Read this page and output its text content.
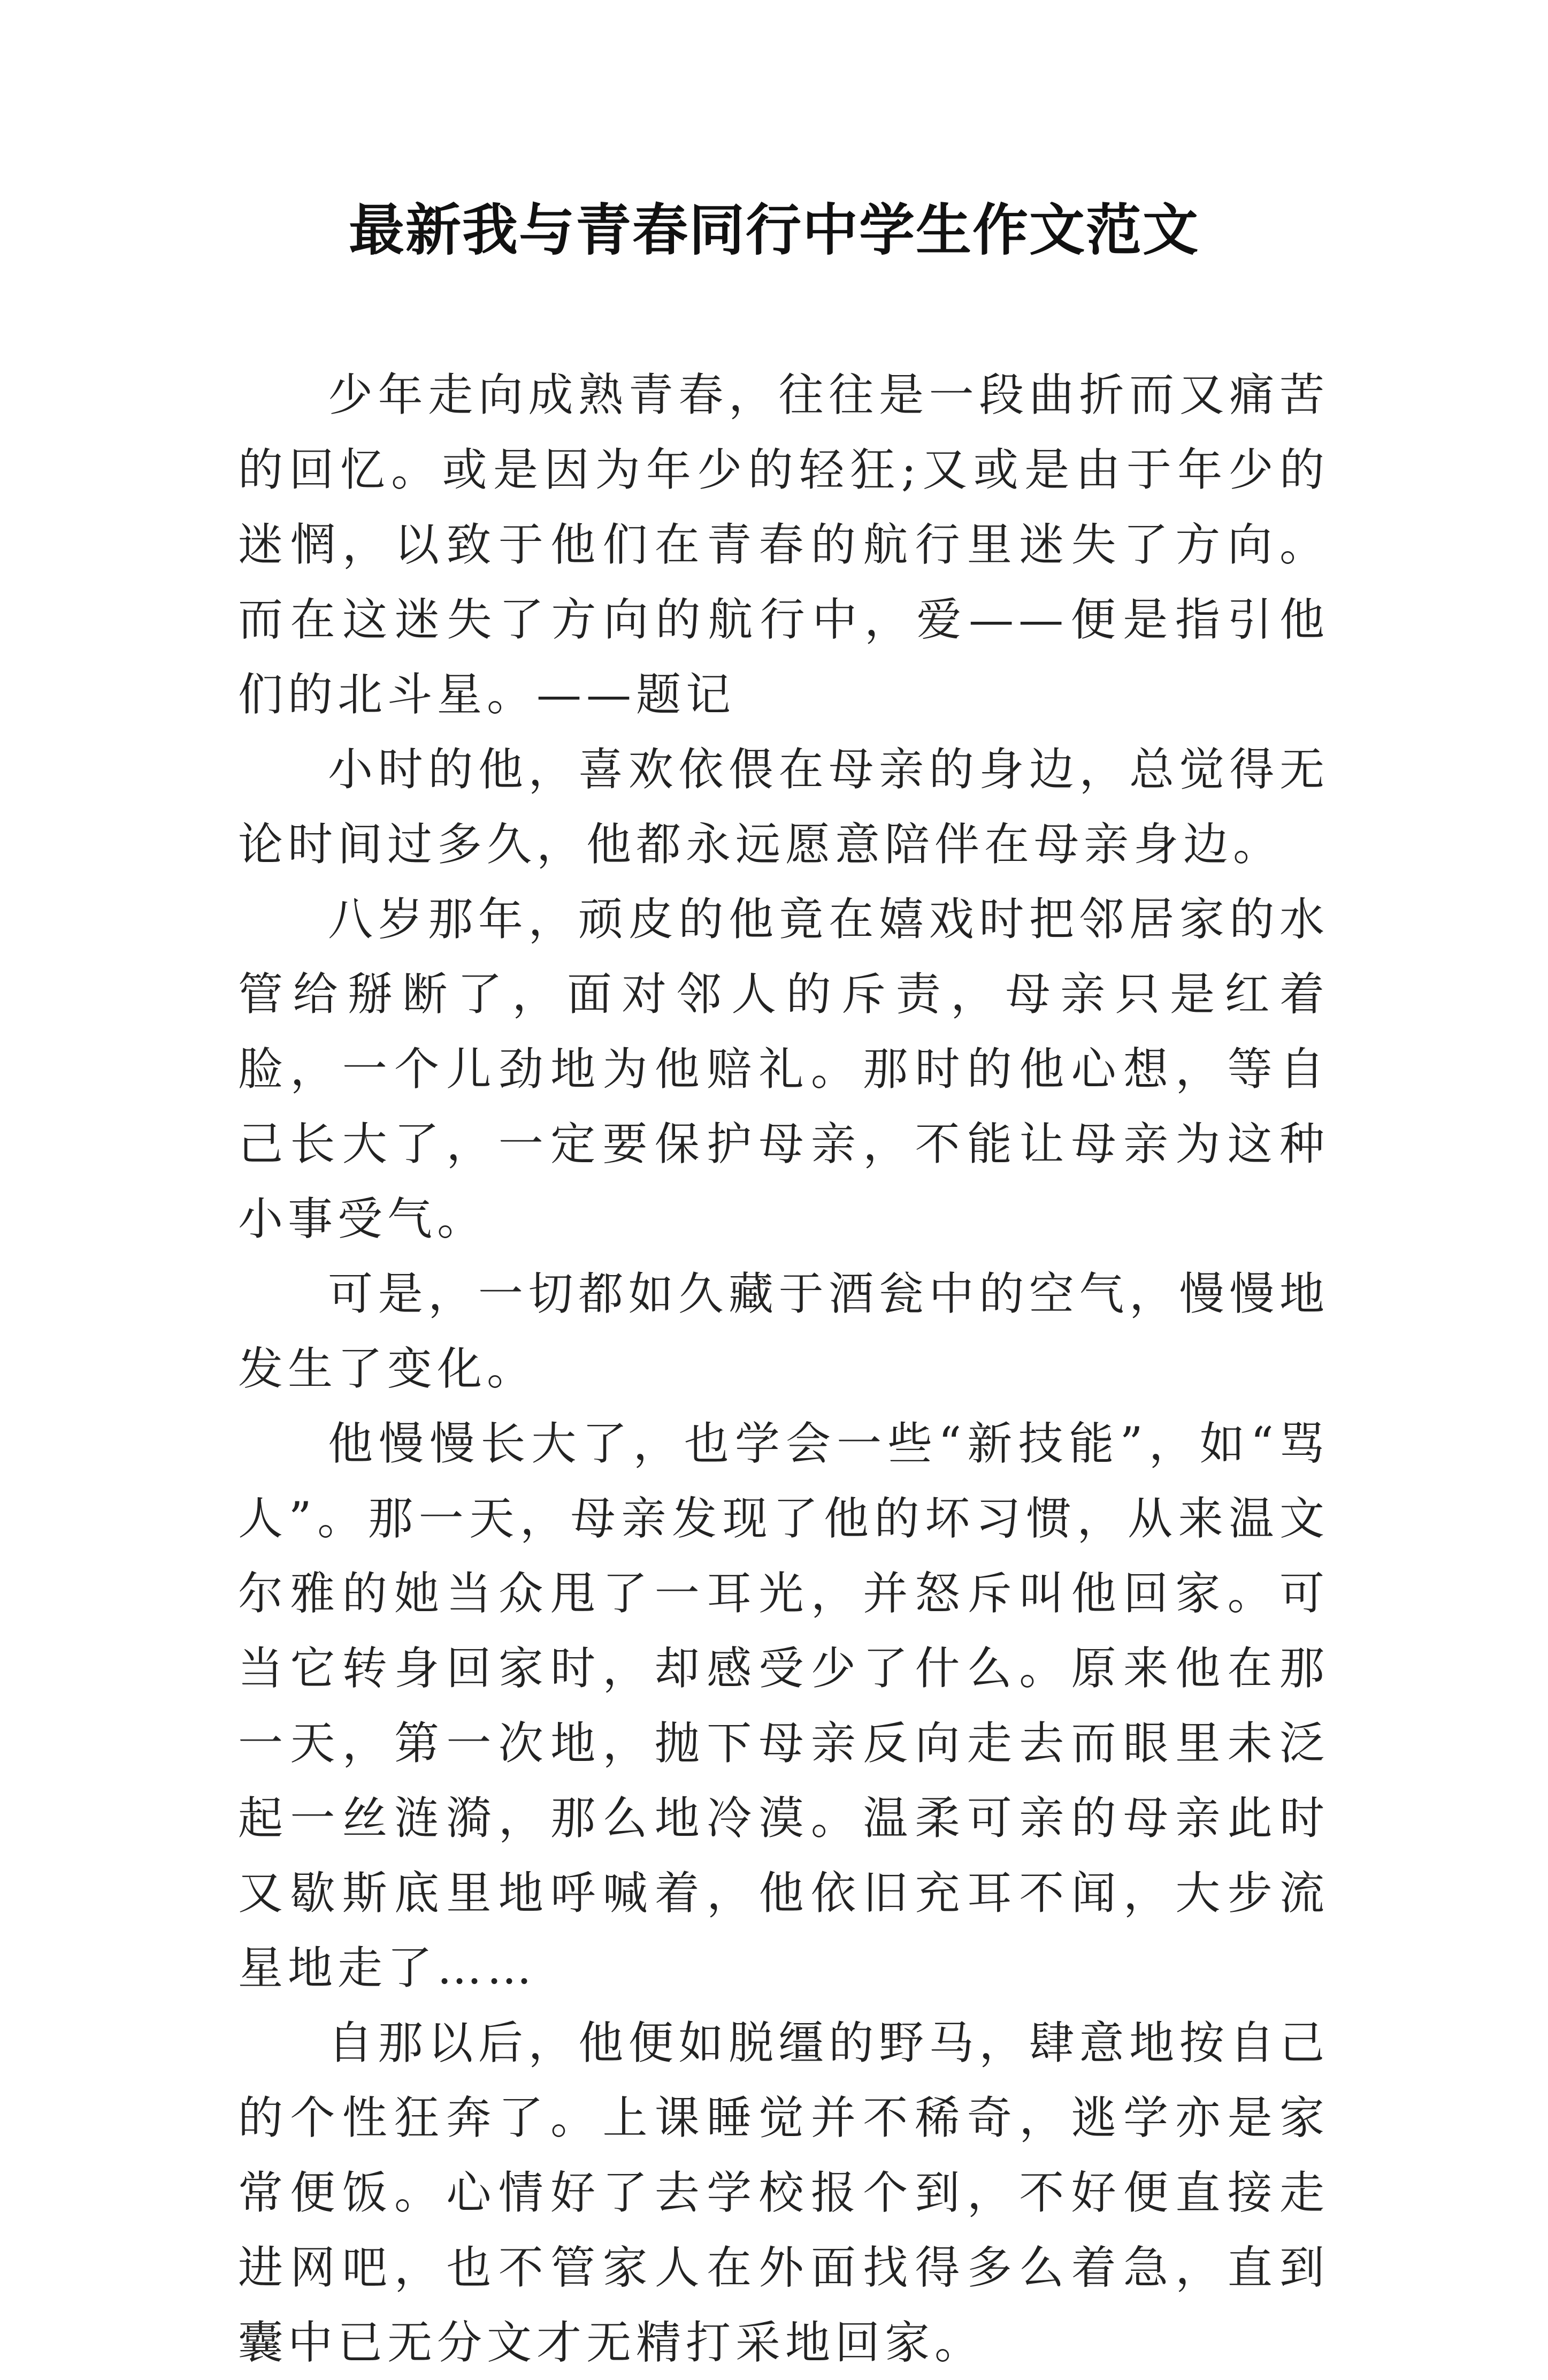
最新我与青春同行中学生作文范文

少年走向成熟青春，往往是一段曲折而又痛苦的回忆。或是因为年少的轻狂;又或是由于年少的迷惘，以致于他们在青春的航行里迷失了方向。而在这迷失了方向的航行中，爱——便是指引他们的北斗星。——题记

小时的他，喜欢依偎在母亲的身边，总觉得无论时间过多久，他都永远愿意陪伴在母亲身边。

八岁那年，顽皮的他竟在嬉戏时把邻居家的水管给掰断了，面对邻人的斥责，母亲只是红着脸，一个儿劲地为他赔礼。那时的他心想，等自己长大了，一定要保护母亲，不能让母亲为这种小事受气。

可是，一切都如久藏于酒瓮中的空气，慢慢地发生了变化。

他慢慢长大了，也学会一些“新技能”，如“骂人”。那一天，母亲发现了他的坏习惯，从来温文尔雅的她当众甩了一耳光，并怒斥叫他回家。可当它转身回家时，却感受少了什么。原来他在那一天，第一次地，抛下母亲反向走去而眼里未泛起一丝涟漪，那么地冷漠。温柔可亲的母亲此时又歇斯底里地呼喊着，他依旧充耳不闻，大步流星地走了……

自那以后，他便如脱缰的野马，肆意地按自己的个性狂奔了。上课睡觉并不稀奇，逃学亦是家常便饭。心情好了去学校报个到，不好便直接走进网吧，也不管家人在外面找得多么着急，直到囊中已无分文才无精打采地回家。
